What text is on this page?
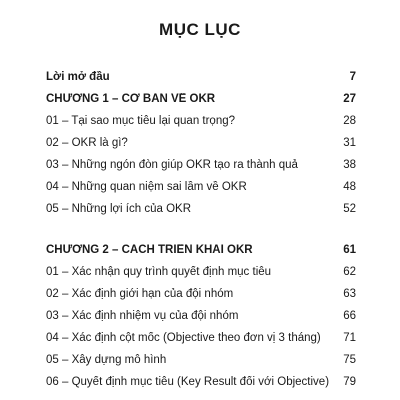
MỤC LỤC
Lời mở đầu	7
CHƯƠNG 1 – CƠ BẢN VỀ OKR	27
01 – Tại sao mục tiêu lại quan trọng?	28
02 – OKR là gì?	31
03 – Những ngón đòn giúp OKR tạo ra thành quả	38
04 – Những quan niệm sai lầm về OKR	48
05 – Những lợi ích của OKR	52
CHƯƠNG 2 – CÁCH TRIỂN KHAI OKR	61
01 – Xác nhận quy trình quyết định mục tiêu	62
02 – Xác định giới hạn của đội nhóm	63
03 – Xác định nhiệm vụ của đội nhóm	66
04 – Xác định cột mốc (Objective theo đơn vị 3 tháng)	71
05 – Xây dựng mô hình	75
06 – Quyết định mục tiêu (Key Result đối với Objective)	79
